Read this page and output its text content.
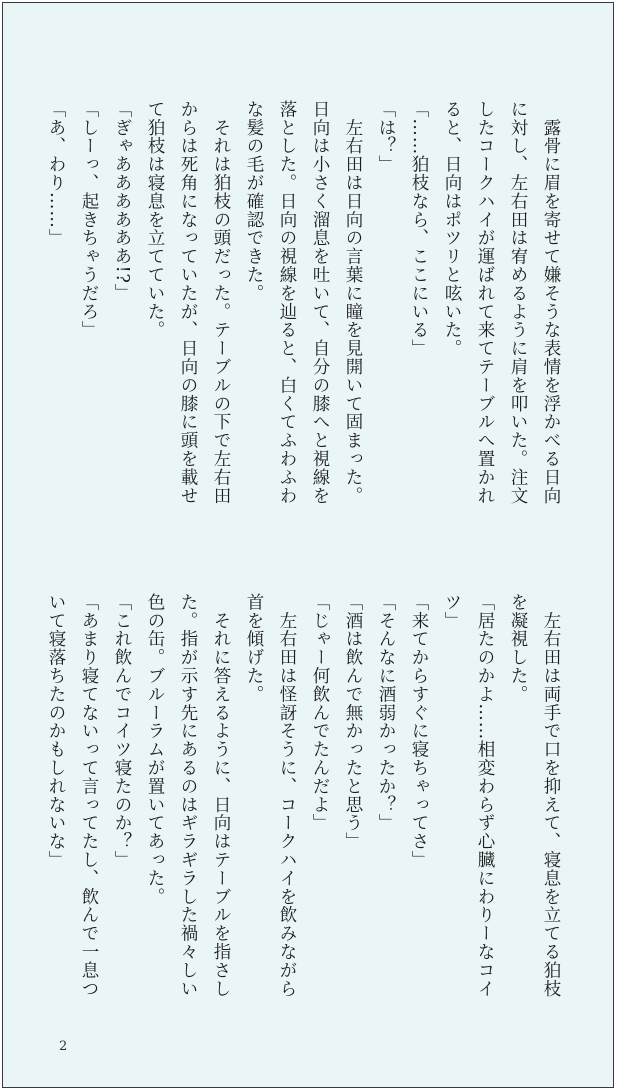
　露骨に眉を寄せて嫌そうな表情を浮かべる日向
に対し、左右田は宥めるように肩を叩いた。注文
したコークハイが運ばれて来てテーブルへ置かれ
ると、日向はポツリと呟いた。
「……狛枝なら、ここにいる」
「は？」
　左右田は日向の言葉に瞳を見開いて固まった。
日向は小さく溜息を吐いて、自分の膝へと視線を
落とした。日向の視線を辿ると、白くてふわふわ
な髪の毛が確認できた。
　それは狛枝の頭だった。テーブルの下で左右田
からは死角になっていたが、日向の膝に頭を載せ
て狛枝は寝息を立てていた。
「ぎゃああああああ!?」
「しーっ、起きちゃうだろ」
「あ、わり……」
　左右田は両手で口を抑えて、寝息を立てる狛枝
を凝視した。
「居たのかよ……相変わらず心臓にわりーなコイ
ツ」
「来てからすぐに寝ちゃってさ」
「そんなに酒弱かったか？」
「酒は飲んで無かったと思う」
「じゃー何飲んでたんだよ」
　左右田は怪訝そうに、コークハイを飲みながら
首を傾げた。
　それに答えるように、日向はテーブルを指さし
た。指が示す先にあるのはギラギラした禍々しい
色の缶。ブルーラムが置いてあった。
「これ飲んでコイツ寝たのか？」
「あまり寝てないって言ってたし、飲んで一息つ
いて寝落ちたのかもしれないな」
2
